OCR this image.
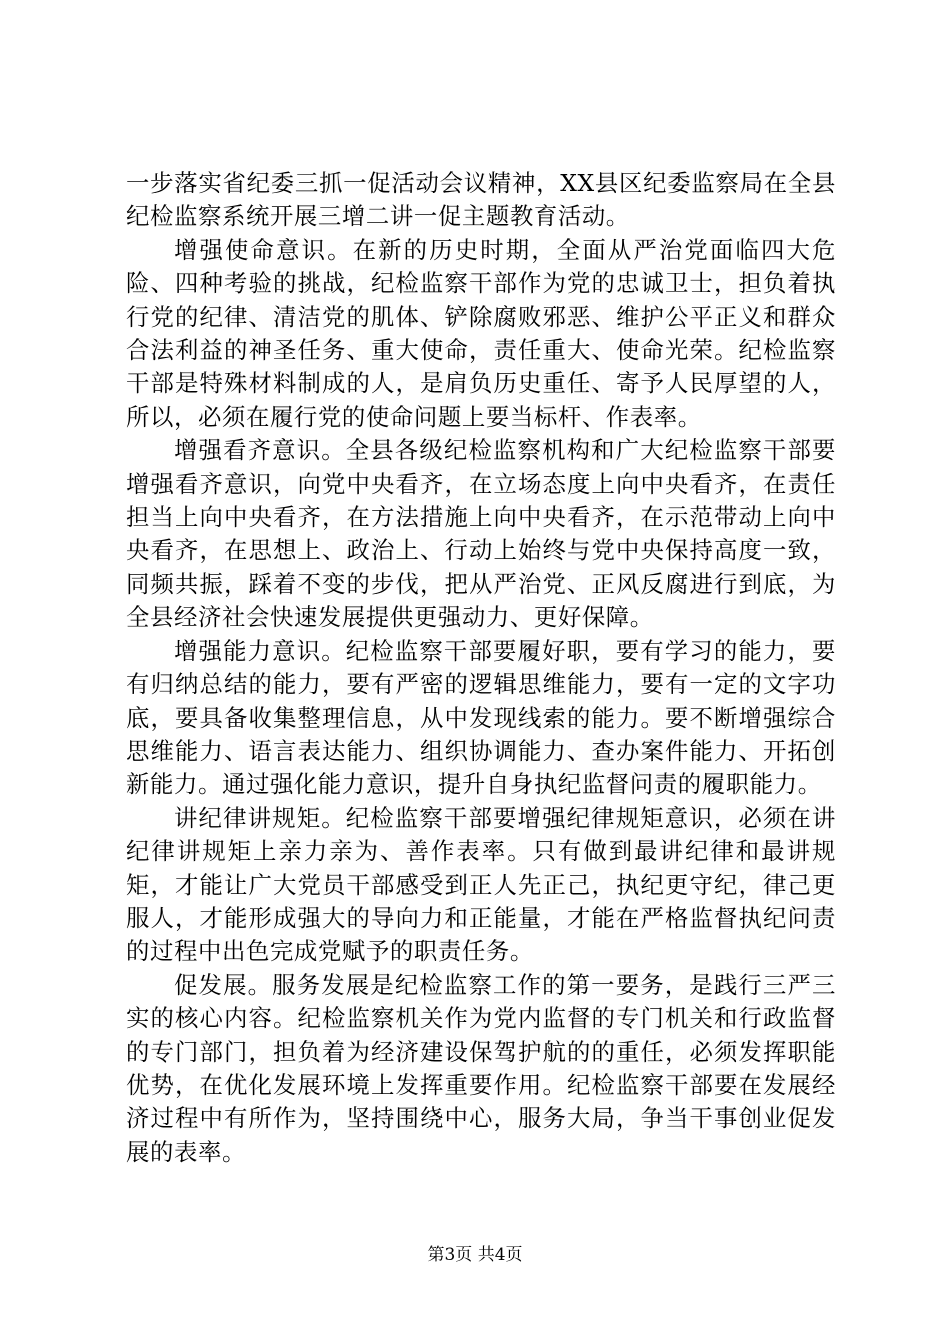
一步落实省纪委三抓一促活动会议精神，XX县区纪委监察局在全县纪检监察系统开展三增二讲一促主题教育活动。

增强使命意识。在新的历史时期，全面从严治党面临四大危险、四种考验的挑战，纪检监察干部作为党的忠诚卫士，担负着执行党的纪律、清洁党的肌体、铲除腐败邪恶、维护公平正义和群众合法利益的神圣任务、重大使命，责任重大、使命光荣。纪检监察干部是特殊材料制成的人，是肩负历史重任、寄予人民厚望的人，所以，必须在履行党的使命问题上要当标杆、作表率。

增强看齐意识。全县各级纪检监察机构和广大纪检监察干部要增强看齐意识，向党中央看齐，在立场态度上向中央看齐，在责任担当上向中央看齐，在方法措施上向中央看齐，在示范带动上向中央看齐，在思想上、政治上、行动上始终与党中央保持高度一致，同频共振，踩着不变的步伐，把从严治党、正风反腐进行到底，为全县经济社会快速发展提供更强动力、更好保障。

增强能力意识。纪检监察干部要履好职，要有学习的能力，要有归纳总结的能力，要有严密的逻辑思维能力，要有一定的文字功底，要具备收集整理信息，从中发现线索的能力。要不断增强综合思维能力、语言表达能力、组织协调能力、查办案件能力、开拓创新能力。通过强化能力意识，提升自身执纪监督问责的履职能力。

讲纪律讲规矩。纪检监察干部要增强纪律规矩意识，必须在讲纪律讲规矩上亲力亲为、善作表率。只有做到最讲纪律和最讲规矩，才能让广大党员干部感受到正人先正己，执纪更守纪，律己更服人，才能形成强大的导向力和正能量，才能在严格监督执纪问责的过程中出色完成党赋予的职责任务。

促发展。服务发展是纪检监察工作的第一要务，是践行三严三实的核心内容。纪检监察机关作为党内监督的专门机关和行政监督的专门部门，担负着为经济建设保驾护航的的重任，必须发挥职能优势，在优化发展环境上发挥重要作用。纪检监察干部要在发展经济过程中有所作为，坚持围绕中心，服务大局，争当干事创业促发展的表率。

第3页 共4页
